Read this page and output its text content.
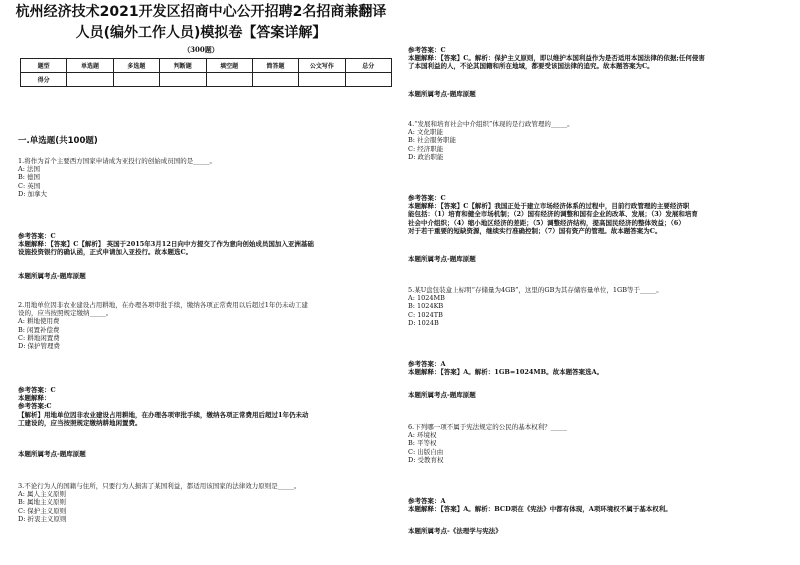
杭州经济技术2021开发区招商中心公开招聘2名招商兼翻译
人员(编外工作人员)模拟卷【答案详解】
（300题）
题型	单选题	多选题	判断题	填空题	简答题	公文写作	总分
得分							
一.单选题(共100题)
1.将作为首个主要西方国家申请成为亚投行的创始成员国的是_____。
A: 法国
B: 德国
C: 英国
D: 加拿大
参考答案：C
本题解释：【答案】C【解析】 英国于2015年3月12日向中方提交了作为意向创始成员国加入亚洲基础
设施投资银行的确认函，正式申请加入亚投行。故本题选C。
本题所属考点-题库原题
2.用地单位因非农业建设占用耕地，在办理各项审批手续，缴纳各项正常费用以后超过1年仍未动工建
设的，应当按照规定缴纳_____。
A: 耕地使用费
B: 闲置补偿费
C: 耕地闲置费
D: 保护管理费
参考答案：C
本题解释：
参考答案:C
【解析】用地单位因非农业建设占用耕地，在办理各项审批手续，缴纳各项正常费用后超过1年仍未动
工建设的，应当按照规定缴纳耕地闲置费。
本题所属考点-题库原题
3.不论行为人的国籍与住所，只要行为人损害了某国利益，都适用该国家的法律效力原则是_____。
A: 属人主义原则
B: 属地主义原则
C: 保护主义原则
D: 折衷主义原则
参考答案：C
本题解释：【答案】C。解析：保护主义原则，即以维护本国利益作为是否适用本国法律的依据;任何侵害
了本国利益的人，不论其国籍和所在地域，都要受该国法律的追究。故本题答案为C。
本题所属考点-题库原题
4.“发展和培育社会中介组织”体现的是行政管理的_____。
A: 文化职能
B: 社会服务职能
C: 经济职能
D: 政治职能
参考答案：C
本题解释：【答案】C【解析】我国正处于建立市场经济体系的过程中，目前行政管理的主要经济职
能包括：（1）培育和健全市场机制；（2）国有经济的调整和国有企业的改革、发展；（3）发展和培育
社会中介组织；（4）缩小地区经济的差距；（5）调整经济结构，提高国民经济的整体效益；（6）
对于若干重要的短缺资源，继续实行准确控制；（7）国有资产的管理。故本题答案为C。
本题所属考点-题库原题
5.某U盘包装盒上标明“存储量为4GB”，这里的GB为其存储容量单位，1GB等于_____。
A: 1024MB
B: 1024KB
C: 1024TB
D: 1024B
参考答案：A
本题解释：【答案】A。解析：1GB=1024MB。故本题答案选A。
本题所属考点-题库原题
6.下列哪一项不属于宪法规定的公民的基本权利？_____
A: 环境权
B: 平等权
C: 出版自由
D: 受教育权
参考答案：A
本题解释：【答案】A。解析：BCD项在《宪法》中都有体现，A项环境权不属于基本权利。
本题所属考点-《法理学与宪法》
